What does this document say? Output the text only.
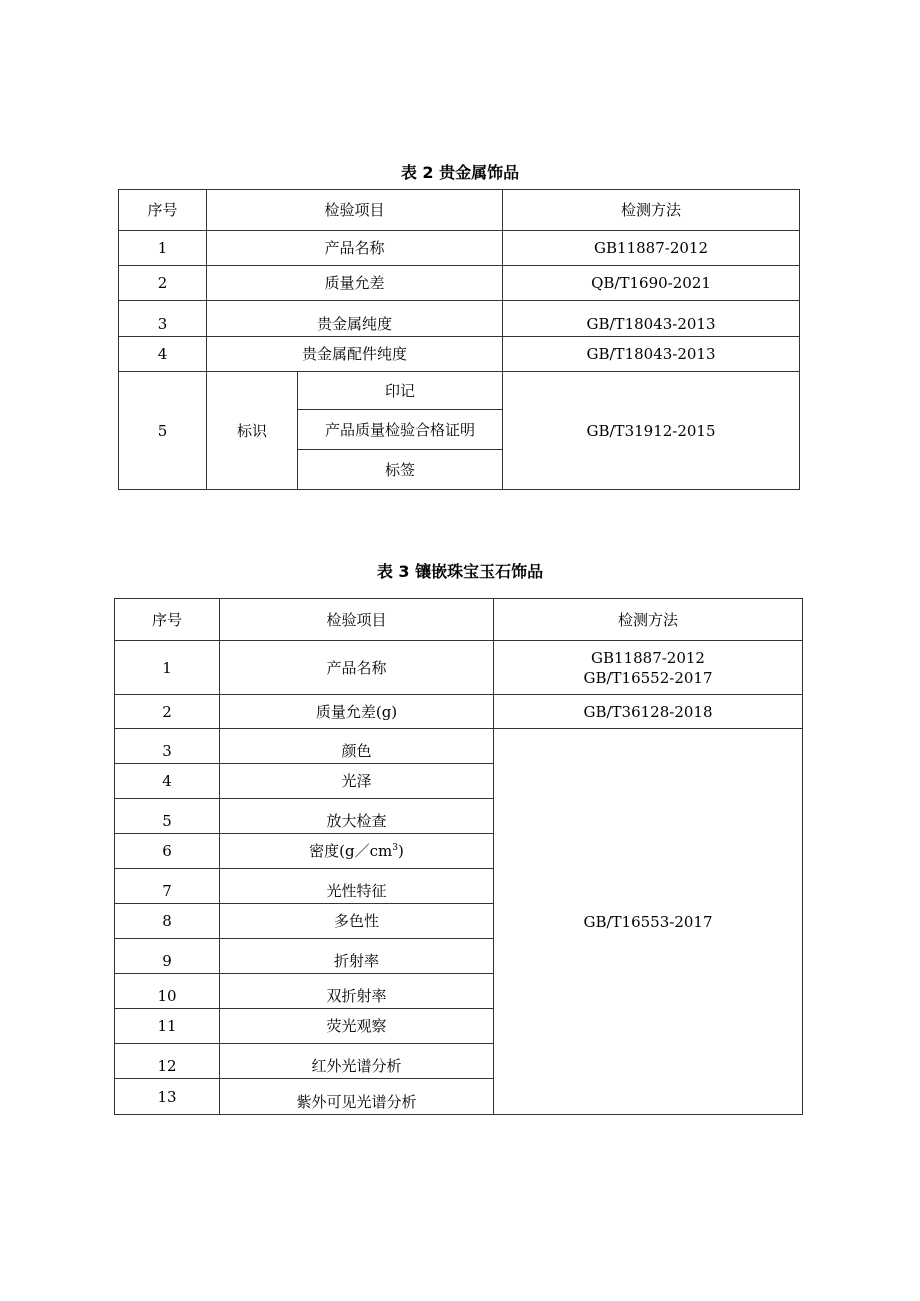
表 2 贵金属饰品
序号	检验项目		检测方法
1	产品名称		GB11887-2012
2	质量允差		QB/T1690-2021
3	贵金属纯度		GB/T18043-2013
4	贵金属配件纯度		GB/T18043-2013
5	标识	印记	GB/T31912-2015
		产品质量检验合格证明	
		标签	
表 3 镶嵌珠宝玉石饰品
序号	检验项目	检测方法
1	产品名称	GB11887-2012
GB/T16552-2017

2	质量允差(g)	GB/T36128-2018
3	颜色	GB/T16553-2017
4	光泽	
5	放大检查	
6	密度$(g/cm^3)$	
7	光性特征	
8	多色性	
9	折射率	
10	双折射率	
11	荧光观察	
12	红外光谱分析	
13	紫外可见光谱分析	
